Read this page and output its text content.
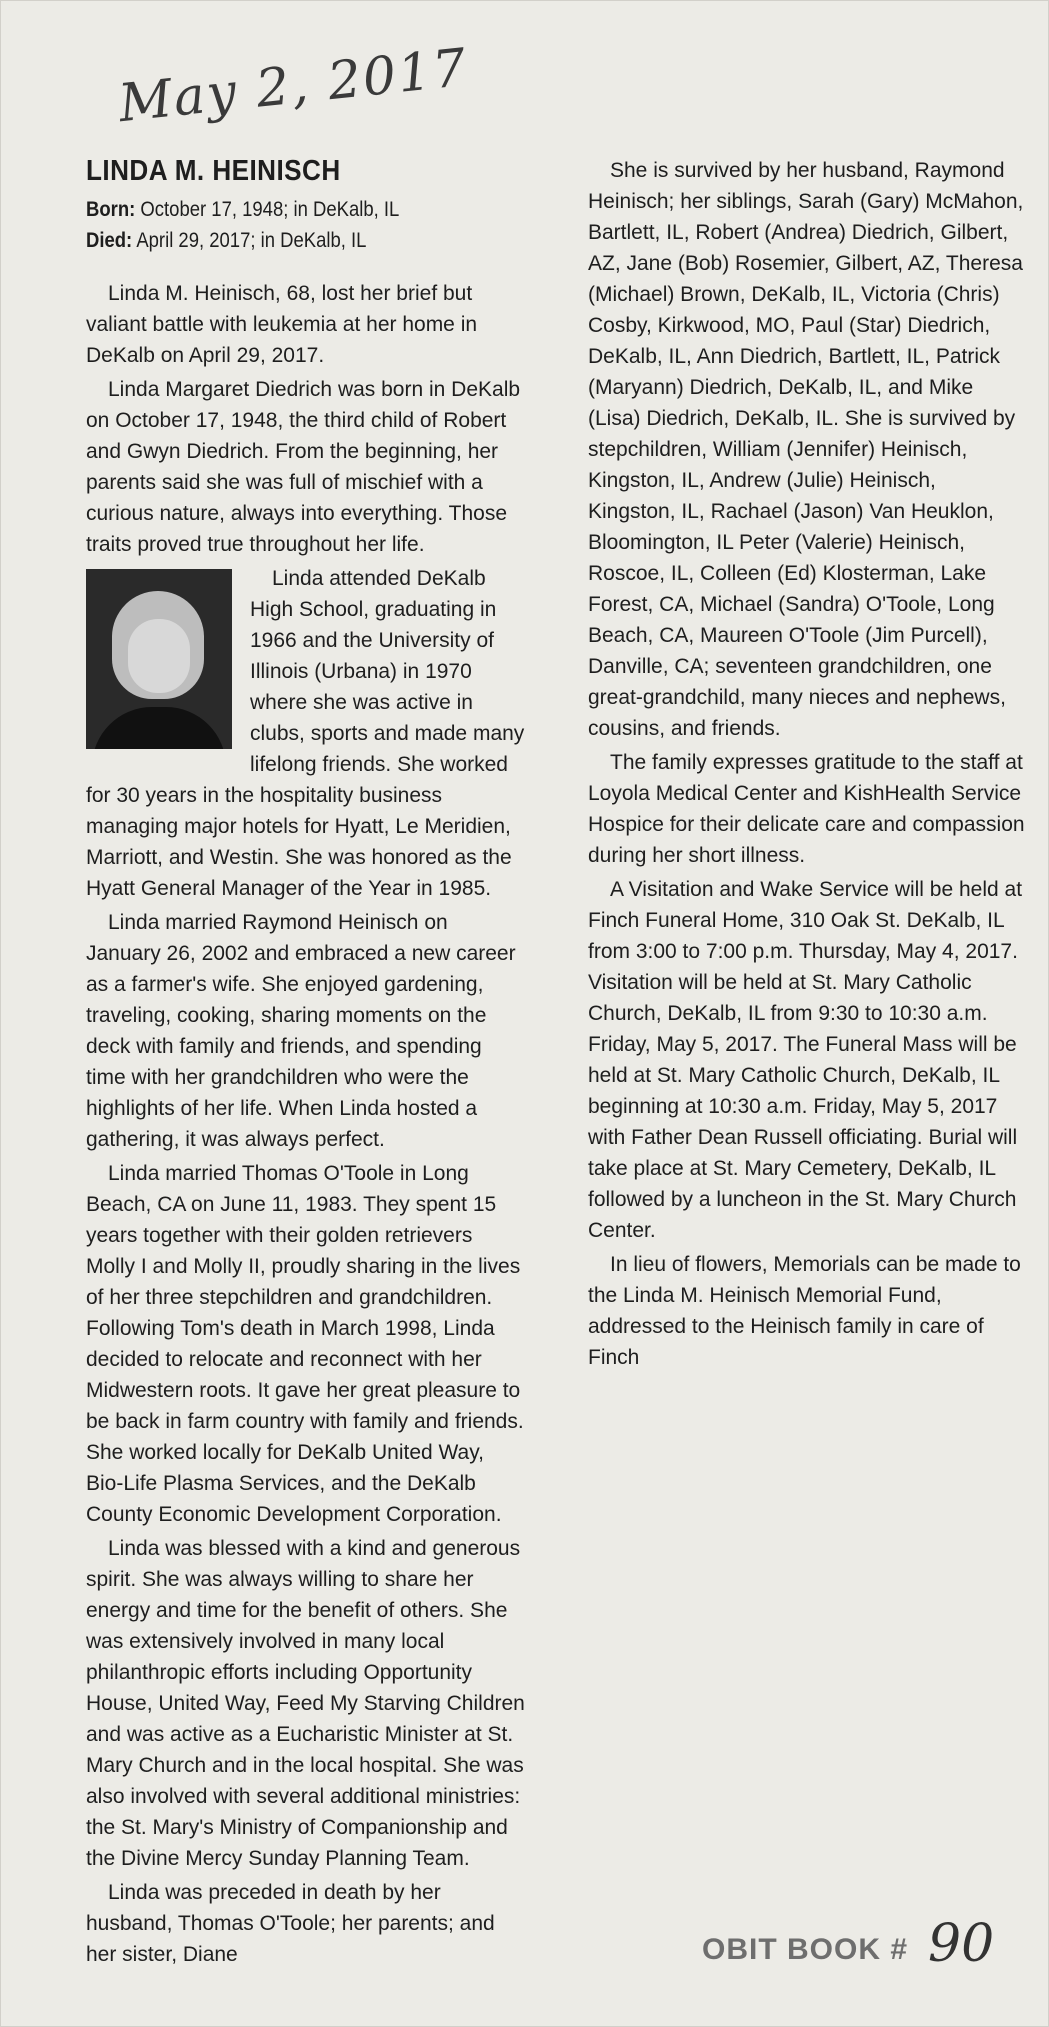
May 2, 2017
LINDA M. HEINISCH

Born: October 17, 1948; in DeKalb, IL

Died: April 29, 2017; in DeKalb, IL

Linda M. Heinisch, 68, lost her brief but valiant battle with leukemia at her home in DeKalb on April 29, 2017.

Linda Margaret Diedrich was born in DeKalb on October 17, 1948, the third child of Robert and Gwyn Diedrich. From the beginning, her parents said she was full of mischief with a curious nature, always into everything. Those traits proved true throughout her life.

Linda attended DeKalb High School, graduating in 1966 and the University of Illinois (Urbana) in 1970 where she was active in clubs, sports and made many lifelong friends. She worked for 30 years in the hospitality business managing major hotels for Hyatt, Le Meridien, Marriott, and Westin. She was honored as the Hyatt General Manager of the Year in 1985.

Linda married Raymond Heinisch on January 26, 2002 and embraced a new career as a farmer's wife. She enjoyed gardening, traveling, cooking, sharing moments on the deck with family and friends, and spending time with her grandchildren who were the highlights of her life. When Linda hosted a gathering, it was always perfect.

Linda married Thomas O'Toole in Long Beach, CA on June 11, 1983. They spent 15 years together with their golden retrievers Molly I and Molly II, proudly sharing in the lives of her three stepchildren and grandchildren. Following Tom's death in March 1998, Linda decided to relocate and reconnect with her Midwestern roots. It gave her great pleasure to be back in farm country with family and friends. She worked locally for DeKalb United Way, Bio-Life Plasma Services, and the DeKalb County Economic Development Corporation.

Linda was blessed with a kind and generous spirit. She was always willing to share her energy and time for the benefit of others. She was extensively involved in many local philanthropic efforts including Opportunity House, United Way, Feed My Starving Children and was active as a Eucharistic Minister at St. Mary Church and in the local hospital. She was also involved with several additional ministries: the St. Mary's Ministry of Companionship and the Divine Mercy Sunday Planning Team.

Linda was preceded in death by her husband, Thomas O'Toole; her parents; and her sister, Diane

She is survived by her husband, Raymond Heinisch; her siblings, Sarah (Gary) McMahon, Bartlett, IL, Robert (Andrea) Diedrich, Gilbert, AZ, Jane (Bob) Rosemier, Gilbert, AZ, Theresa (Michael) Brown, DeKalb, IL, Victoria (Chris) Cosby, Kirkwood, MO, Paul (Star) Diedrich, DeKalb, IL, Ann Diedrich, Bartlett, IL, Patrick (Maryann) Diedrich, DeKalb, IL, and Mike (Lisa) Diedrich, DeKalb, IL. She is survived by stepchildren, William (Jennifer) Heinisch, Kingston, IL, Andrew (Julie) Heinisch, Kingston, IL, Rachael (Jason) Van Heuklon, Bloomington, IL Peter (Valerie) Heinisch, Roscoe, IL, Colleen (Ed) Klosterman, Lake Forest, CA, Michael (Sandra) O'Toole, Long Beach, CA, Maureen O'Toole (Jim Purcell), Danville, CA; seventeen grandchildren, one great-grandchild, many nieces and nephews, cousins, and friends.

The family expresses gratitude to the staff at Loyola Medical Center and KishHealth Service Hospice for their delicate care and compassion during her short illness.

A Visitation and Wake Service will be held at Finch Funeral Home, 310 Oak St. DeKalb, IL from 3:00 to 7:00 p.m. Thursday, May 4, 2017. Visitation will be held at St. Mary Catholic Church, DeKalb, IL from 9:30 to 10:30 a.m. Friday, May 5, 2017. The Funeral Mass will be held at St. Mary Catholic Church, DeKalb, IL beginning at 10:30 a.m. Friday, May 5, 2017 with Father Dean Russell officiating. Burial will take place at St. Mary Cemetery, DeKalb, IL followed by a luncheon in the St. Mary Church Center.

In lieu of flowers, Memorials can be made to the Linda M. Heinisch Memorial Fund, addressed to the Heinisch family in care of Finch

OBIT BOOK # 90
